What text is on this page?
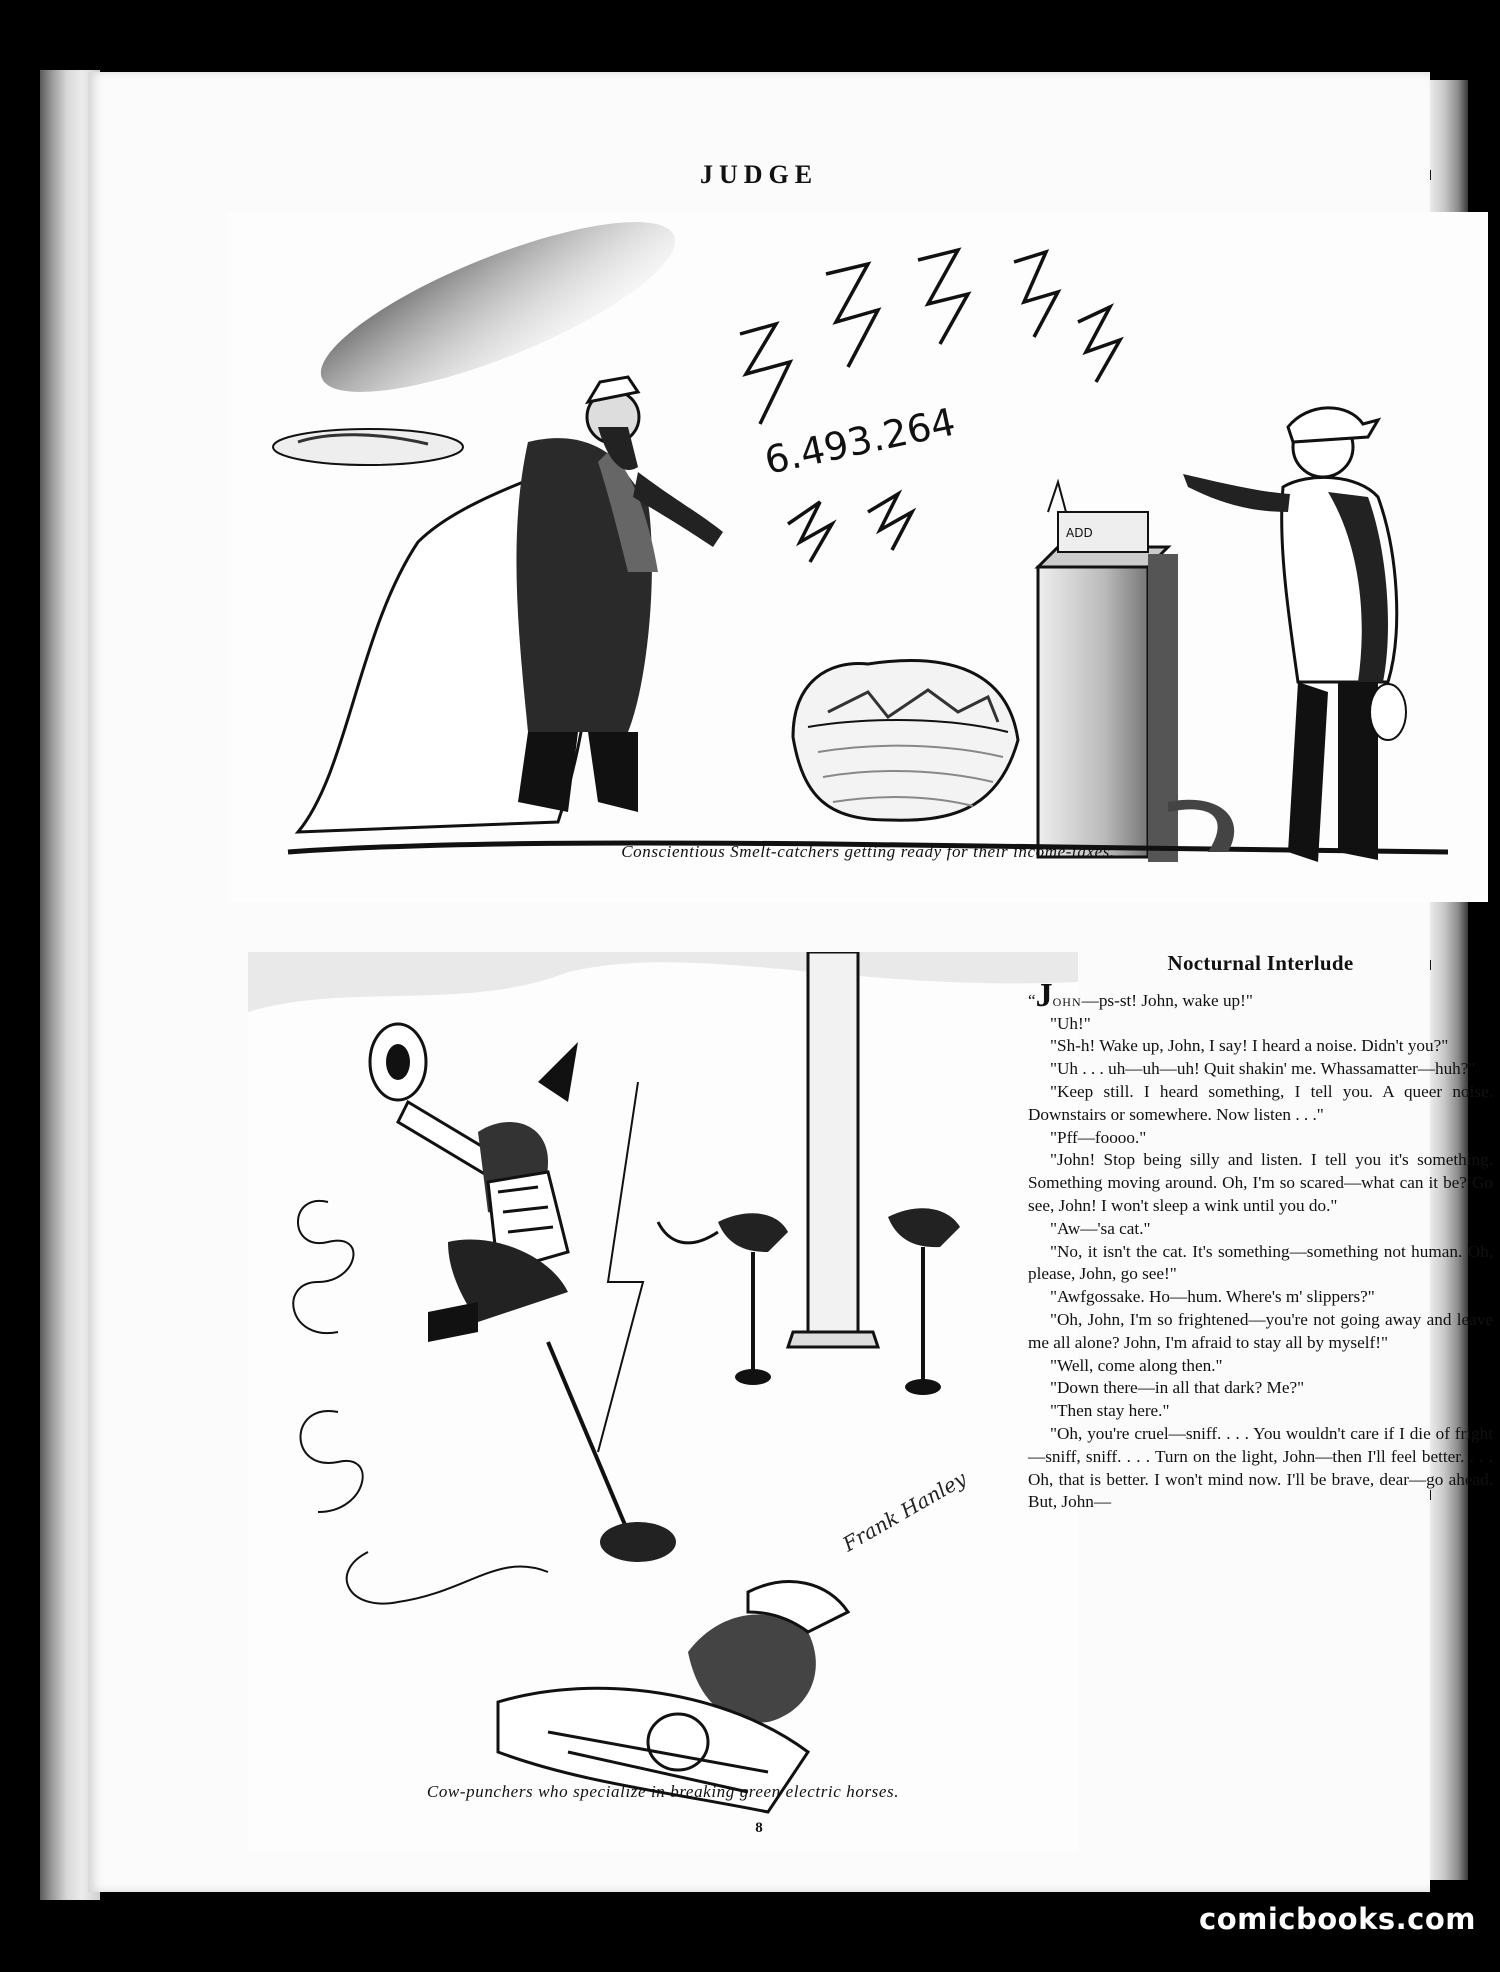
JUDGE
6.493.264
ADD
Conscientious Smelt-catchers getting ready for their income-taxes.
Frank Hanley
Cow-punchers who specialize in breaking green electric horses.
Nocturnal Interlude

“John—ps-st! John, wake up!"

"Uh!"

"Sh-h! Wake up, John, I say! I heard a noise. Didn't you?"

"Uh . . . uh—uh—uh! Quit shakin' me. Whassamatter—huh?"

"Keep still. I heard something, I tell you. A queer noise. Downstairs or somewhere. Now listen . . ."

"Pff—foooo."

"John! Stop being silly and listen. I tell you it's something. Something moving around. Oh, I'm so scared—what can it be? Go see, John! I won't sleep a wink until you do."

"Aw—'sa cat."

"No, it isn't the cat. It's something—something not human. Oh, please, John, go see!"

"Awfgossake. Ho—hum. Where's m' slippers?"

"Oh, John, I'm so frightened—you're not going away and leave me all alone? John, I'm afraid to stay all by myself!"

"Well, come along then."

"Down there—in all that dark? Me?"

"Then stay here."

"Oh, you're cruel—sniff. . . . You wouldn't care if I die of fright—sniff, sniff. . . . Turn on the light, John—then I'll feel better. . . . Oh, that is better. I won't mind now. I'll be brave, dear—go ahead. But, John—

8
comicbooks.com
